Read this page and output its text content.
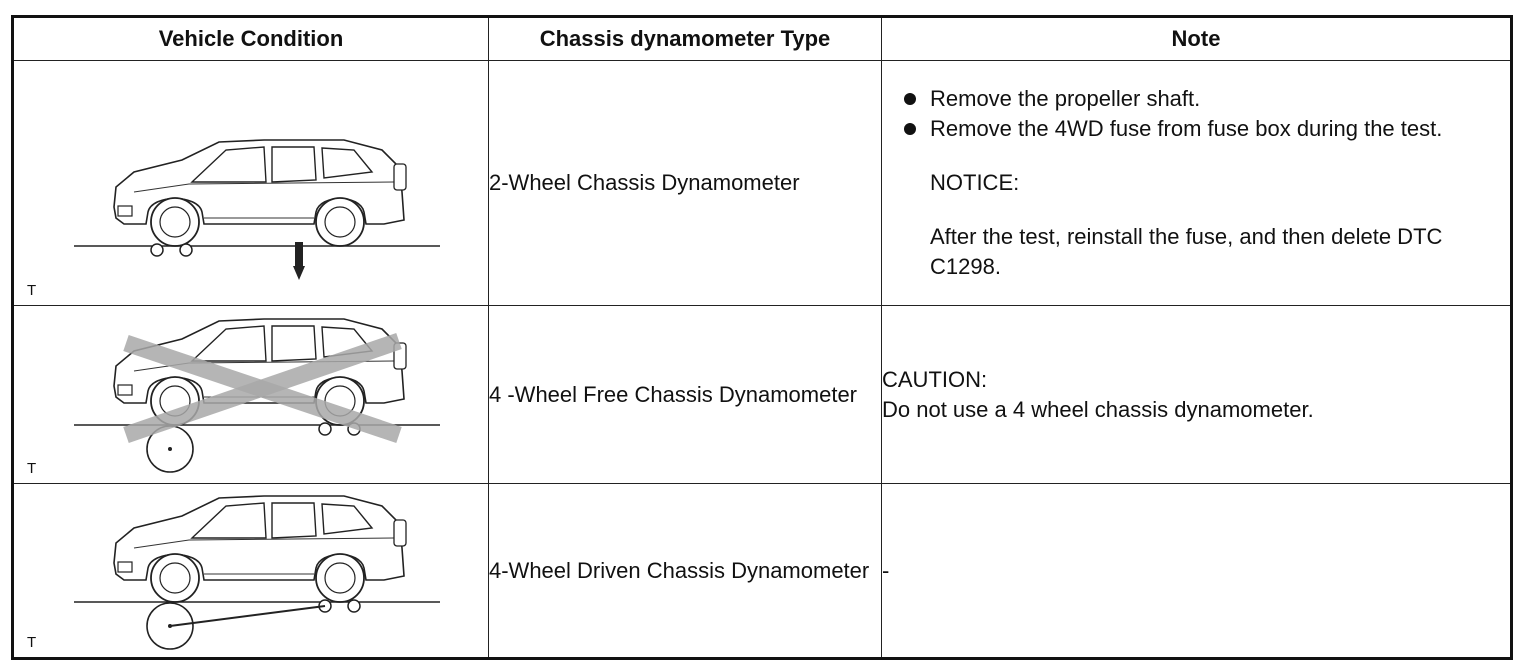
Vehicle Condition	Chassis dynamometer Type	Note

T	2-Wheel Chassis Dynamometer	Remove the propeller shaft.

Remove the 4WD fuse from fuse box during the test.

NOTICE:

After the test, reinstall the fuse, and then delete DTC C1298.

T	4 -Wheel Free Chassis Dynamometer	CAUTION:

Do not use a 4 wheel chassis dynamometer.

T	4-Wheel Driven Chassis Dynamometer	-
